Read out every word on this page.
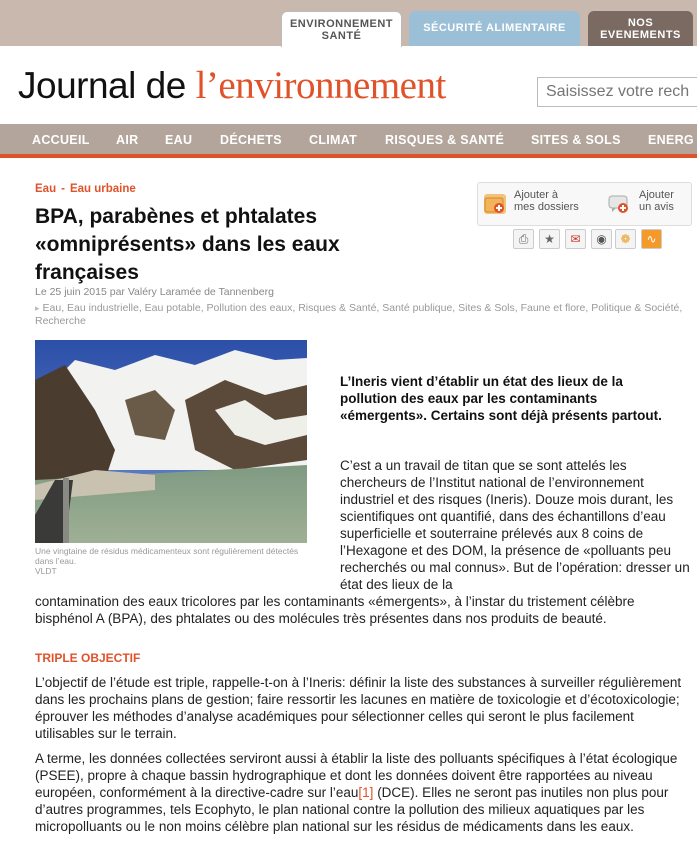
ENVIRONNEMENT
SANTÉ
SÉCURITÉ ALIMENTAIRE	NOS
EVENEMENTS
Journal de l’environnement
Saisissez votre rech
ACCUEIL AIR EAU DÉCHETS CLIMAT RISQUES & SANTÉ SITES & SOLS ENERG
Eau - Eau urbaine
BPA, parabènes et phtalates «omniprésents» dans les eaux françaises
Le 25 juin 2015 par Valéry Laramée de Tannenberg
▸ Eau, Eau industrielle, Eau potable, Pollution des eaux, Risques & Santé, Santé publique, Sites & Sols, Faune et flore, Politique & Société, Recherche
Ajouter à
mes dossiers
Ajouter
un avis
⎙	★	✉	◉	❁	∿
Une vingtaine de résidus médicamenteux sont régulièrement détectés
dans l’eau.
VLDT

L’Ineris vient d’établir un état des lieux de la pollution des eaux par les contaminants «émergents». Certains sont déjà présents partout.

C’est a un travail de titan que se sont attelés les chercheurs de l’Institut national de l’environnement industriel et des risques (Ineris). Douze mois durant, les scientifiques ont quantifié, dans des échantillons d’eau superficielle et souterraine prélevés aux 8 coins de l’Hexagone et des DOM, la présence de «polluants peu recherchés ou mal connus». But de l’opération: dresser un état des lieux de la

contamination des eaux tricolores par les contaminants «émergents», à l’instar du tristement célèbre bisphénol A (BPA), des phtalates ou des molécules très présentes dans nos produits de beauté.

TRIPLE OBJECTIF

L’objectif de l’étude est triple, rappelle-t-on à l’Ineris: définir la liste des substances à surveiller régulièrement dans les prochains plans de gestion; faire ressortir les lacunes en matière de toxicologie et d’écotoxicologie; éprouver les méthodes d’analyse académiques pour sélectionner celles qui seront le plus facilement utilisables sur le terrain.

A terme, les données collectées serviront aussi à établir la liste des polluants spécifiques à l’état écologique (PSEE), propre à chaque bassin hydrographique et dont les données doivent être rapportées au niveau européen, conformément à la directive-cadre sur l’eau[1] (DCE). Elles ne seront pas inutiles non plus pour d’autres programmes, tels Ecophyto, le plan national contre la pollution des milieux aquatiques par les micropolluants ou le non moins célèbre plan national sur les résidus de médicaments dans les eaux.
